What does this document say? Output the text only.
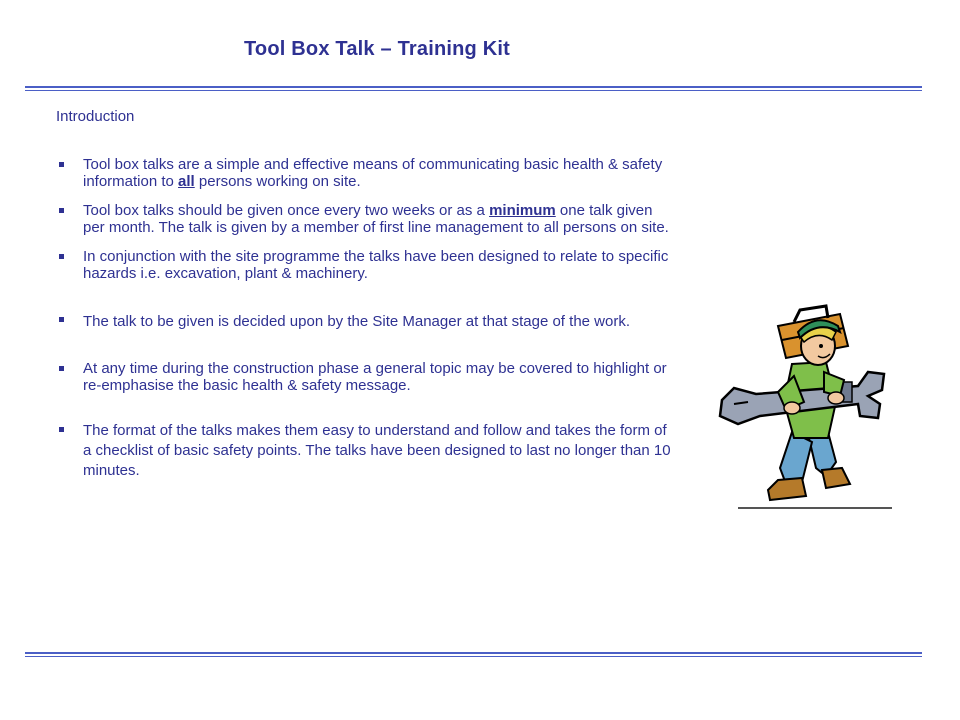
Tool Box Talk – Training Kit
Introduction
Tool box talks are a simple and effective means of communicating basic health & safety information to all persons working on site.
Tool box talks should be given once every two weeks or as a minimum one talk given per month. The talk is given by a member of first line management to all persons on site.
In conjunction with the site programme the talks have been designed to relate to specific hazards i.e. excavation, plant & machinery.
The talk to be given is decided upon by the Site Manager at that stage of the work.
At any time during the construction phase a general topic may be covered to highlight or re-emphasise the basic health & safety message.
The format of the talks makes them easy to understand and follow and takes the form of a checklist of basic safety points. The talks have been designed to last no longer than 10 minutes.
